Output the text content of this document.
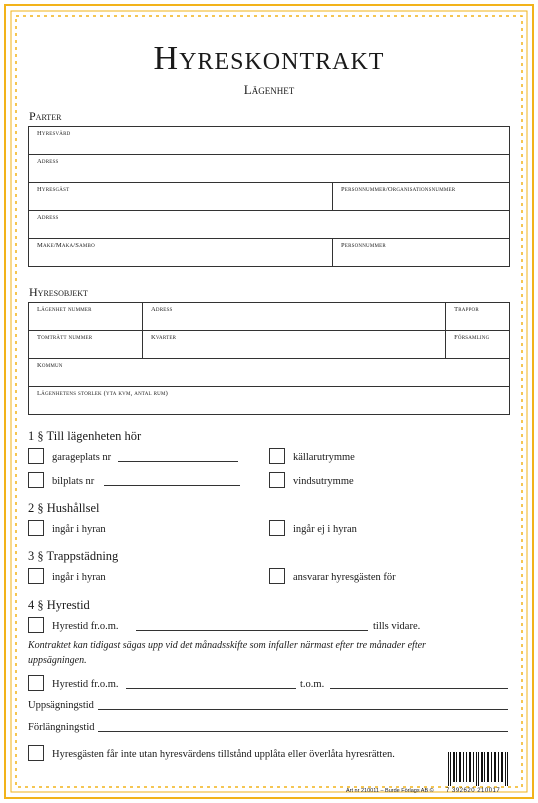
Hyreskontrakt
Lägenhet
Parter
Hyresvärd	
Adress	
Hyresgäst	Personnummer/Organisationsnummer
Adress	
Make/Maka/Sambo	Personnummer
Hyresobjekt
Lägenhet nummer	Adress	Trappor
Tomträtt nummer	Kvarter	Församling
Kommun		
Lägenhetens storlek (yta kvm, antal rum)		
1 § Till lägenheten hör
garageplats nr	källarutrymme
bilplats nr	vindsutrymme
2 § Hushållsel
ingår i hyran	ingår ej i hyran
3 § Trappstädning
ingår i hyran	ansvarar hyresgästen för
4 § Hyrestid
Hyrestid fr.o.m.	tills vidare.
Kontraktet kan tidigast sägas upp vid det månadsskifte som infaller närmast efter tre månader efter uppsägningen.
Hyrestid fr.o.m.	t.o.m.
Uppsägningstid
Förlängningstid
Hyresgästen får inte utan hyresvärdens tillstånd upplåta eller överlåta hyresrätten.
Art nr 210011 – Burde Förlags AB © 7 392620 210017
